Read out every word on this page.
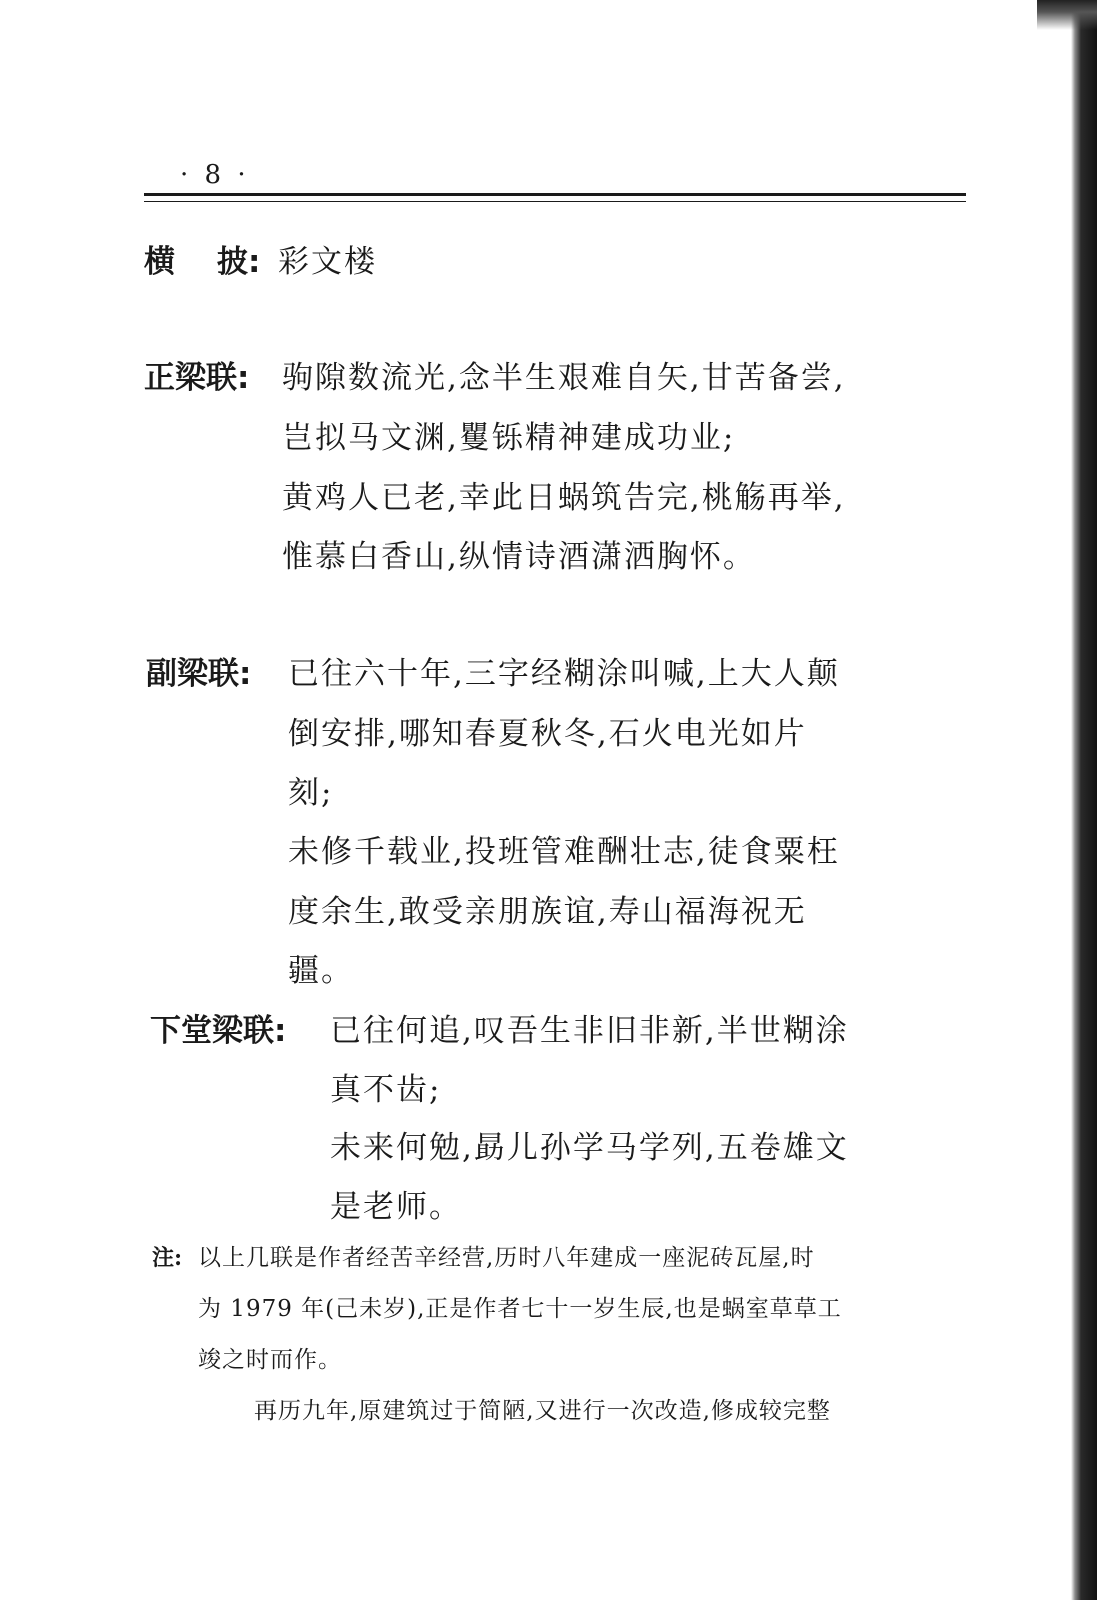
· 8 ·
横 披: 彩文楼
正梁联: 驹隙数流光,念半生艰难自矢,甘苦备尝,
岂拟马文渊,矍铄精神建成功业;
黄鸡人已老,幸此日蜗筑告完,桃觞再举,
惟慕白香山,纵情诗酒潇洒胸怀。
副梁联: 已往六十年,三字经糊涂叫喊,上大人颠
倒安排,哪知春夏秋冬,石火电光如片
刻;
未修千载业,投班管难酬壮志,徒食粟枉
度余生,敢受亲朋族谊,寿山福海祝无
疆。
下堂梁联: 已往何追,叹吾生非旧非新,半世糊涂
真不齿;
未来何勉,勗儿孙学马学列,五卷雄文
是老师。
注: 以上几联是作者经苦辛经营,历时八年建成一座泥砖瓦屋,时
为 1979 年(己未岁),正是作者七十一岁生辰,也是蜗室草草工
竣之时而作。
再历九年,原建筑过于简陋,又进行一次改造,修成较完整
